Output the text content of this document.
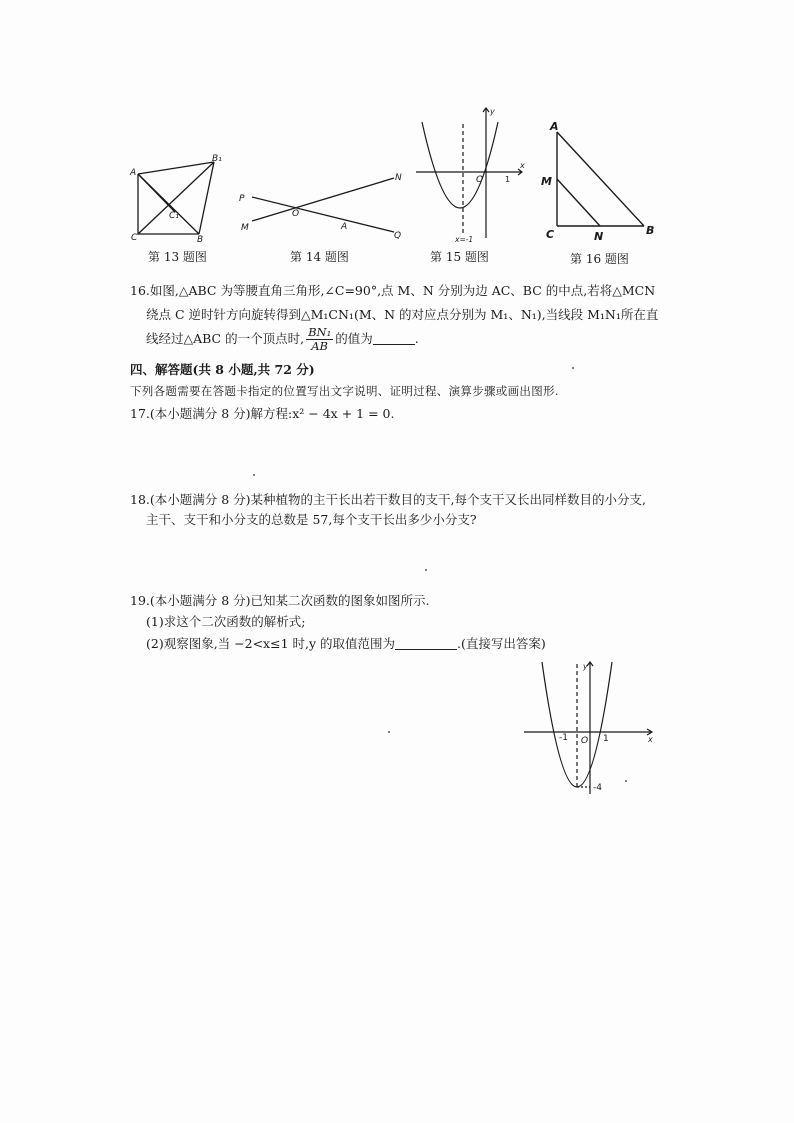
A
B₁
C₁
C	B
第 13 题图
P
N
O
A
M
Q
第 14 题图
y
x
O	1
x=-1
第 15 题图
A
M
C	N	B
第 16 题图
16.如图,△ABC 为等腰直角三角形,∠C=90°,点 M、N 分别为边 AC、BC 的中点,若将△MCN
绕点 C 逆时针方向旋转得到△M₁CN₁(M、N 的对应点分别为 M₁、N₁),当线段 M₁N₁所在直
线经过△ABC 的一个顶点时, $\frac{\text{BN₁}}{AB}$ 的值为	.
四、解答题(共 8 小题,共 72 分)
下列各题需要在答题卡指定的位置写出文字说明、证明过程、演算步骤或画出图形.
17.(本小题满分 8 分)解方程:x² − 4x + 1 = 0.
18.(本小题满分 8 分)某种植物的主干长出若干数目的支干,每个支干又长出同样数目的小分支,
主干、支干和小分支的总数是 57,每个支干长出多少小分支?
19.(本小题满分 8 分)已知某二次函数的图象如图所示.
(1)求这个二次函数的解析式;
(2)观察图象,当 −2<x≤1 时,y 的取值范围为	.(直接写出答案)
y
x
-1 O 1
-4
